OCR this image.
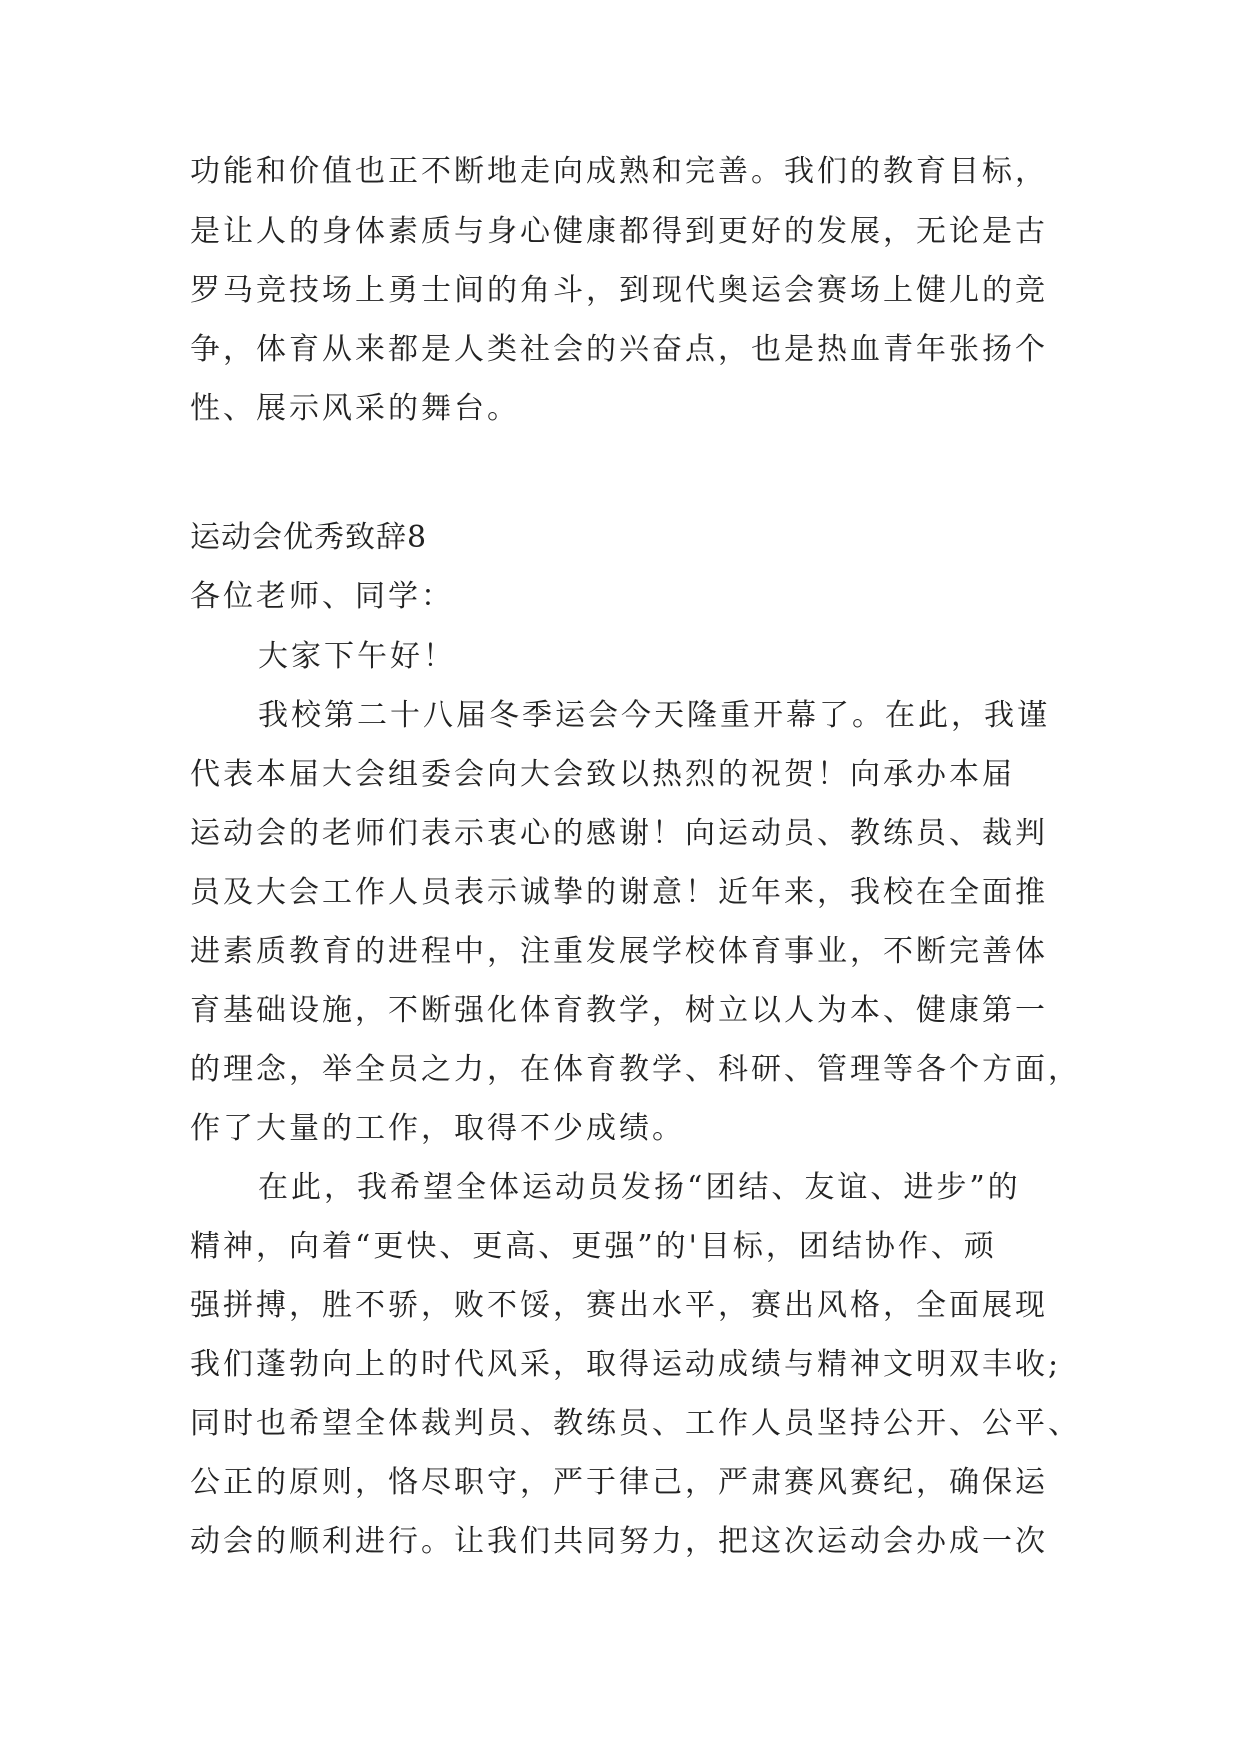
功能和价值也正不断地走向成熟和完善。我们的教育目标，
是让人的身体素质与身心健康都得到更好的发展，无论是古
罗马竞技场上勇士间的角斗，到现代奥运会赛场上健儿的竞
争，体育从来都是人类社会的兴奋点，也是热血青年张扬个
性、展示风采的舞台。
运动会优秀致辞8
各位老师、同学：
大家下午好！
我校第二十八届冬季运会今天隆重开幕了。在此，我谨
代表本届大会组委会向大会致以热烈的祝贺！向承办本届
运动会的老师们表示衷心的感谢！向运动员、教练员、裁判
员及大会工作人员表示诚挚的谢意！近年来，我校在全面推
进素质教育的进程中，注重发展学校体育事业，不断完善体
育基础设施，不断强化体育教学，树立以人为本、健康第一
的理念，举全员之力，在体育教学、科研、管理等各个方面，
作了大量的工作，取得不少成绩。
在此，我希望全体运动员发扬“团结、友谊、进步”的
精神，向着“更快、更高、更强”的'目标，团结协作、顽
强拼搏，胜不骄，败不馁，赛出水平，赛出风格，全面展现
我们蓬勃向上的时代风采，取得运动成绩与精神文明双丰收;
同时也希望全体裁判员、教练员、工作人员坚持公开、公平、
公正的原则，恪尽职守，严于律己，严肃赛风赛纪，确保运
动会的顺利进行。让我们共同努力，把这次运动会办成一次
